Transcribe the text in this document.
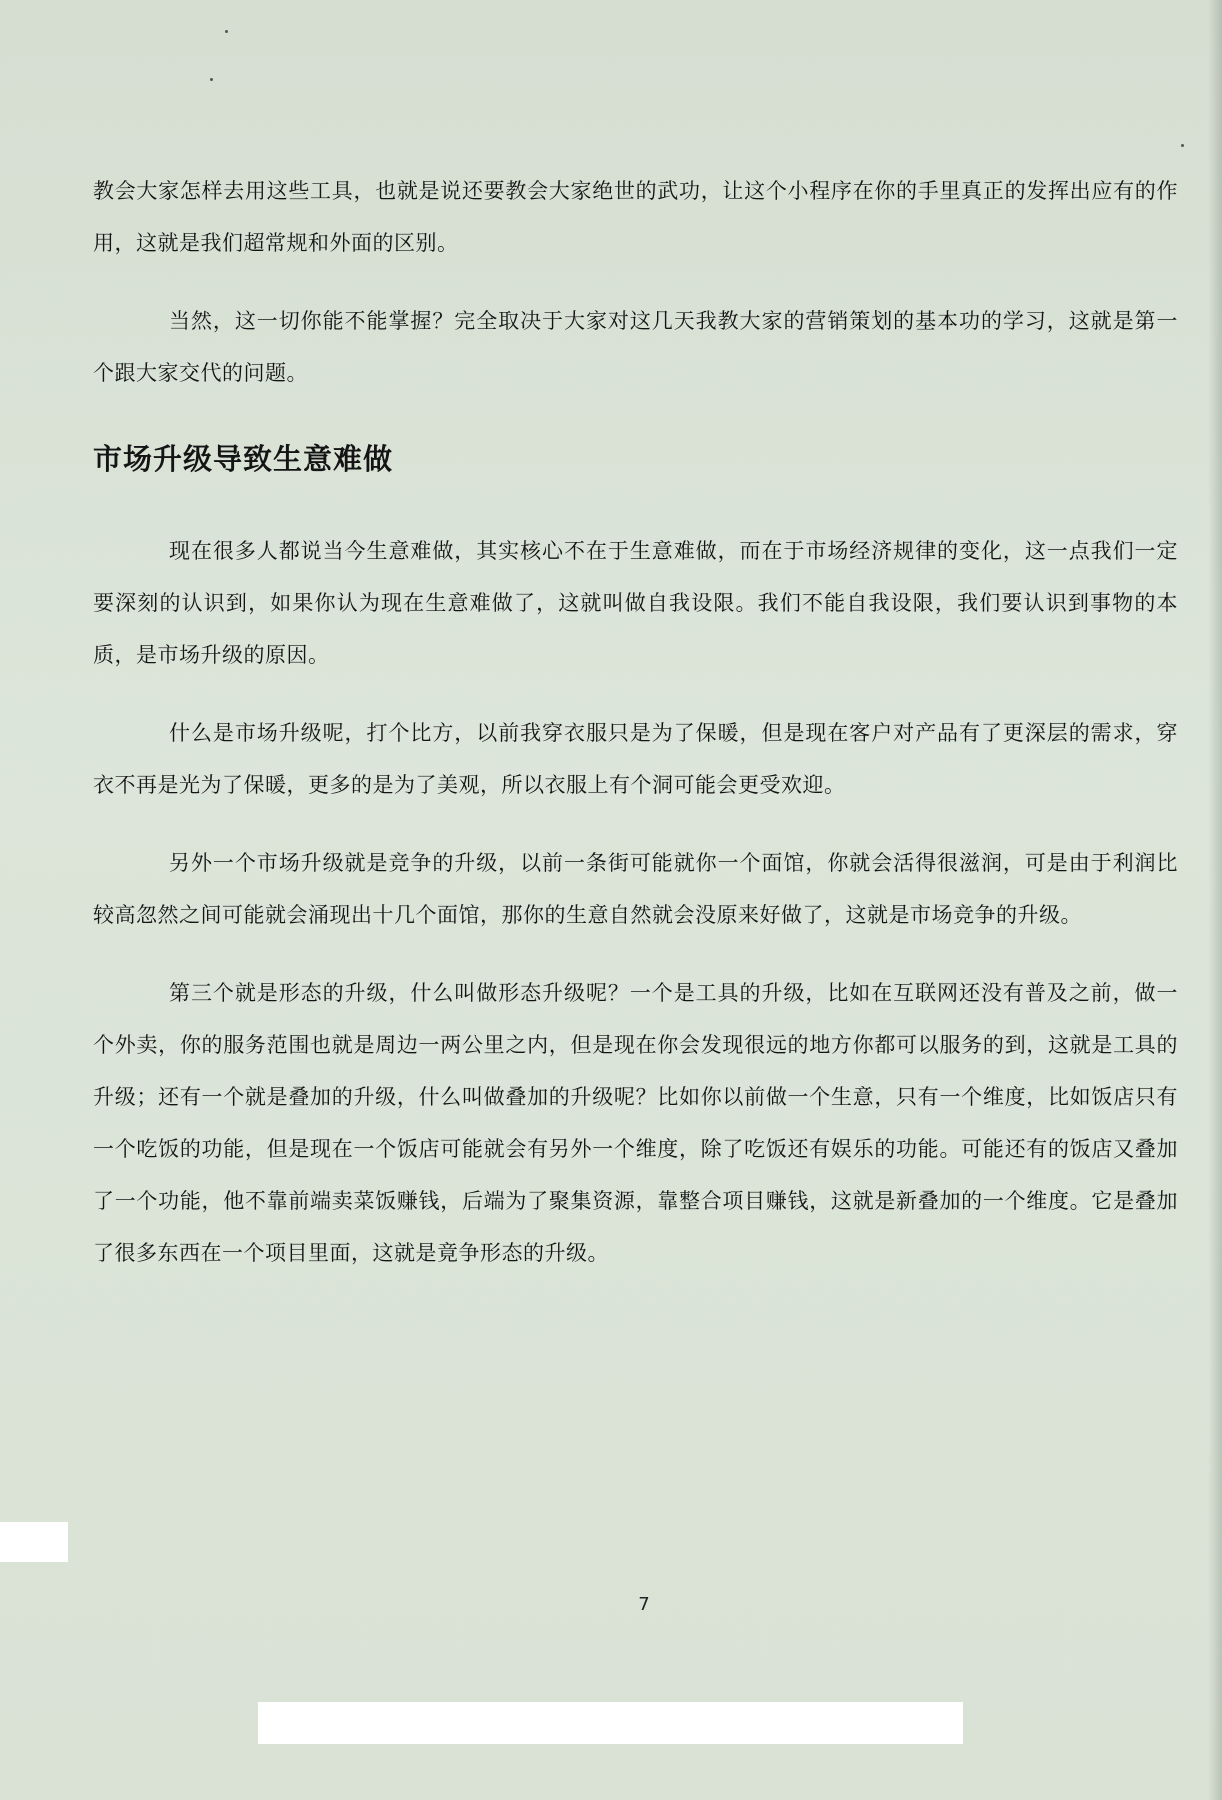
教会大家怎样去用这些工具，也就是说还要教会大家绝世的武功，让这个小程序在你的手里真正的发挥出应有的作用，这就是我们超常规和外面的区别。

当然，这一切你能不能掌握？完全取决于大家对这几天我教大家的营销策划的基本功的学习，这就是第一个跟大家交代的问题。

市场升级导致生意难做

现在很多人都说当今生意难做，其实核心不在于生意难做，而在于市场经济规律的变化，这一点我们一定要深刻的认识到，如果你认为现在生意难做了，这就叫做自我设限。我们不能自我设限，我们要认识到事物的本质，是市场升级的原因。

什么是市场升级呢，打个比方，以前我穿衣服只是为了保暖，但是现在客户对产品有了更深层的需求，穿衣不再是光为了保暖，更多的是为了美观，所以衣服上有个洞可能会更受欢迎。

另外一个市场升级就是竞争的升级，以前一条街可能就你一个面馆，你就会活得很滋润，可是由于利润比较高忽然之间可能就会涌现出十几个面馆，那你的生意自然就会没原来好做了，这就是市场竞争的升级。

第三个就是形态的升级，什么叫做形态升级呢？一个是工具的升级，比如在互联网还没有普及之前，做一个外卖，你的服务范围也就是周边一两公里之内，但是现在你会发现很远的地方你都可以服务的到，这就是工具的升级；还有一个就是叠加的升级，什么叫做叠加的升级呢？比如你以前做一个生意，只有一个维度，比如饭店只有一个吃饭的功能，但是现在一个饭店可能就会有另外一个维度，除了吃饭还有娱乐的功能。可能还有的饭店又叠加了一个功能，他不靠前端卖菜饭赚钱，后端为了聚集资源，靠整合项目赚钱，这就是新叠加的一个维度。它是叠加了很多东西在一个项目里面，这就是竟争形态的升级。

7
